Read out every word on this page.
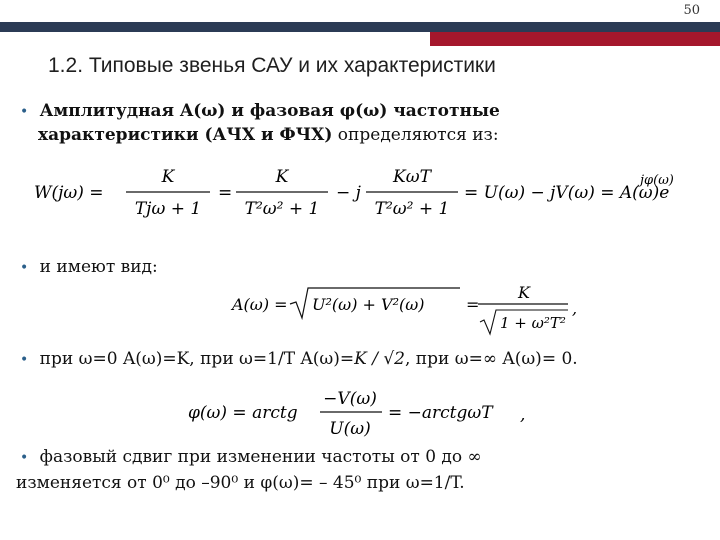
50
1.2. Типовые звенья САУ и их характеристики
• Амплитудная A(ω) и фазовая φ(ω) частотные
характеристики (АЧХ и ФЧХ) определяются из:
W(jω) =
K
Tjω + 1
=
K
T²ω² + 1
− j
KωT
T²ω² + 1
= U(ω) − jV(ω) = A(ω)e
jφ(ω)
• и имеют вид:
A(ω) = U²(ω) + V²(ω)	=
K
1 + ω²T²
,
• при ω=0 A(ω)=K, при ω=1/T A(ω)=K / √2, при ω=∞ A(ω)= 0.
φ(ω) = arctg
−V(ω)
U(ω)
= −arctgωT ,
• фазовый сдвиг при изменении частоты от 0 до ∞
изменяется от 0⁰ до –90⁰ и φ(ω)= – 45⁰ при ω=1/T.
